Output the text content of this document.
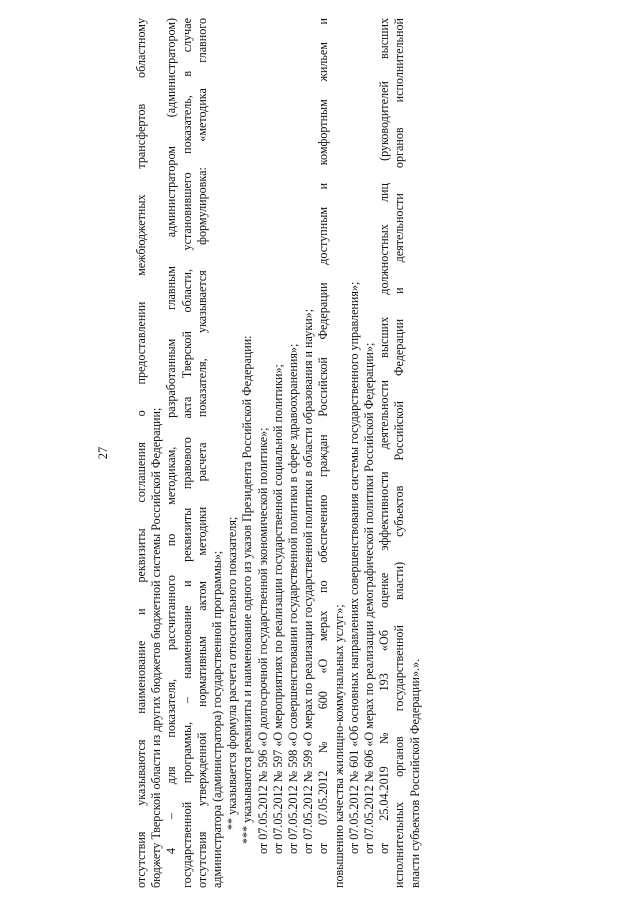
27 отсутствия указываются наименование и реквизиты соглашения о предоставлении межбюджетных трансфертов областному бюджету Тверской области из других бюджетов бюджетной системы Российской Федерации; 4 – для показателя, рассчитанного по методикам, разработанным главным администратором (администратором) государственной программы, – наименование и реквизиты правового акта Тверской области, установившего показатель, в случае отсутствия утвержденной нормативным актом методики расчета показателя, указывается формулировка: «методика главного администратора (администратора) государственной программы»; ** указывается формула расчета относительного показателя; *** указываются реквизиты и наименование одного из указов Президента Российской Федерации: от 07.05.2012 № 596 «О долгосрочной государственной экономической политике»; от 07.05.2012 № 597 «О мероприятиях по реализации государственной социальной политики»; от 07.05.2012 № 598 «О совершенствовании государственной политики в сфере здравоохранения»; от 07.05.2012 № 599 «О мерах по реализации государственной политики в области образования и науки»; от 07.05.2012 № 600 «О мерах по обеспечению граждан Российской Федерации доступным и комфортным жильем и повышению качества жилищно-коммунальных услуг»; от 07.05.2012 № 601 «Об основных направлениях совершенствования системы государственного управления»; от 07.05.2012 № 606 «О мерах по реализации демографической политики Российской Федерации»; от 25.04.2019 № 193 «Об оценке эффективности деятельности высших должностных лиц (руководителей высших исполнительных органов государственной власти) субъектов Российской Федерации и деятельности органов исполнительной власти субъектов Российской Федерации».».
